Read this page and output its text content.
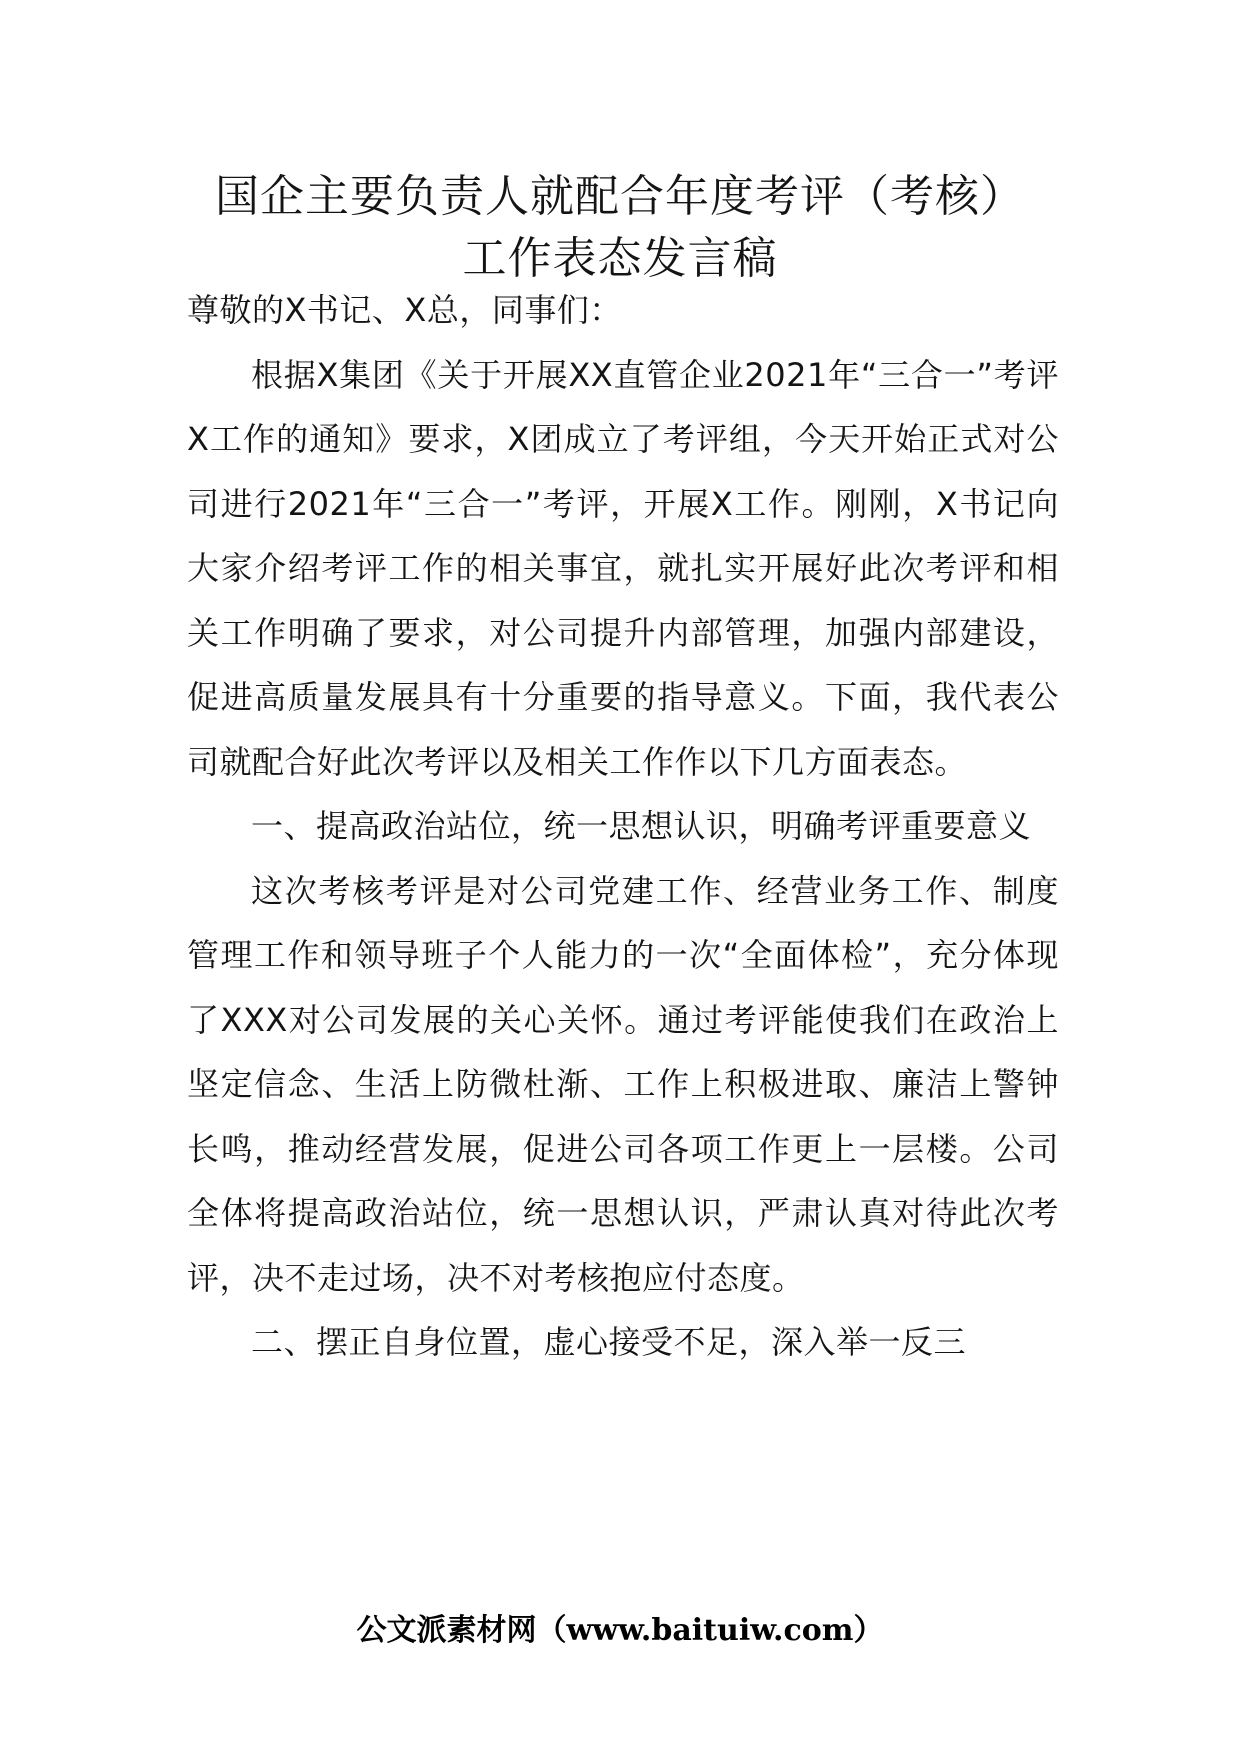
国企主要负责人就配合年度考评（考核）
工作表态发言稿

尊敬的X书记、X总，同事们：

根据X集团《关于开展XX直管企业2021年“三合一”考评X工作的通知》要求，X团成立了考评组，今天开始正式对公司进行2021年“三合一”考评，开展X工作。刚刚，X书记向大家介绍考评工作的相关事宜，就扎实开展好此次考评和相关工作明确了要求，对公司提升内部管理，加强内部建设，促进高质量发展具有十分重要的指导意义。下面，我代表公司就配合好此次考评以及相关工作作以下几方面表态。

一、提高政治站位，统一思想认识，明确考评重要意义

这次考核考评是对公司党建工作、经营业务工作、制度管理工作和领导班子个人能力的一次“全面体检”，充分体现了XXX对公司发展的关心关怀。通过考评能使我们在政治上坚定信念、生活上防微杜渐、工作上积极进取、廉洁上警钟长鸣，推动经营发展，促进公司各项工作更上一层楼。公司全体将提高政治站位，统一思想认识，严肃认真对待此次考评，决不走过场，决不对考核抱应付态度。

二、摆正自身位置，虚心接受不足，深入举一反三

公文派素材网（www.baituiw.com）
